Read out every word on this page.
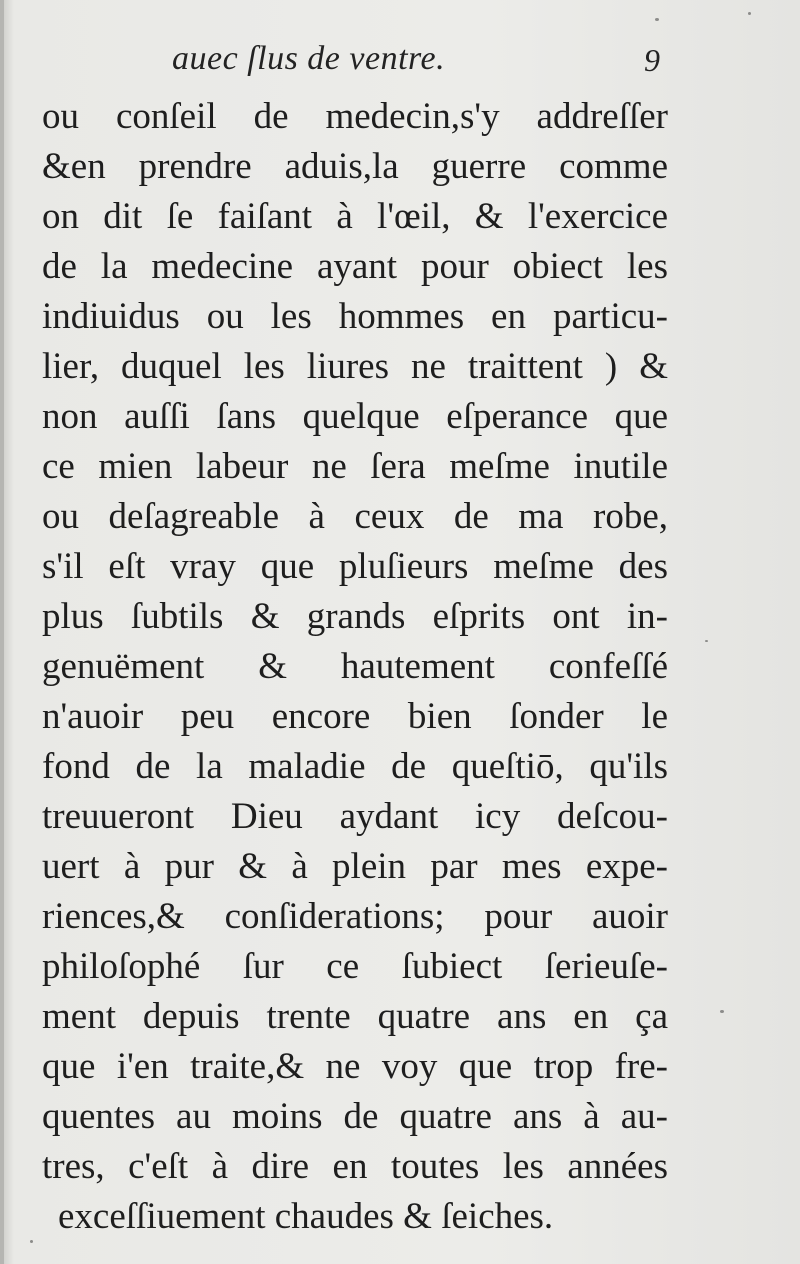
auec ſlus de ventre.	9
ou conſeil de medecin,s'y addreſſer
&en prendre aduis,la guerre comme
on dit ſe faiſant à l'œil, & l'exercice
de la medecine ayant pour obiect les
indiuidus ou les hommes en particu-
lier, duquel les liures ne traittent ) &
non auſſi ſans quelque eſperance que
ce mien labeur ne ſera meſme inutile
ou deſagreable à ceux de ma robe,
s'il eſt vray que pluſieurs meſme des
plus ſubtils & grands eſprits ont in-
genuëment & hautement confeſſé
n'auoir peu encore bien ſonder le
fond de la maladie de queſtiō, qu'ils
treuueront Dieu aydant icy deſcou-
uert à pur & à plein par mes expe-
riences,& conſiderations; pour auoir
philoſophé ſur ce ſubiect ſerieuſe-
ment depuis trente quatre ans en ça
que i'en traite,& ne voy que trop fre-
quentes au moins de quatre ans à au-
tres, c'eſt à dire en toutes les années
exceſſiuement chaudes & ſeiches.
